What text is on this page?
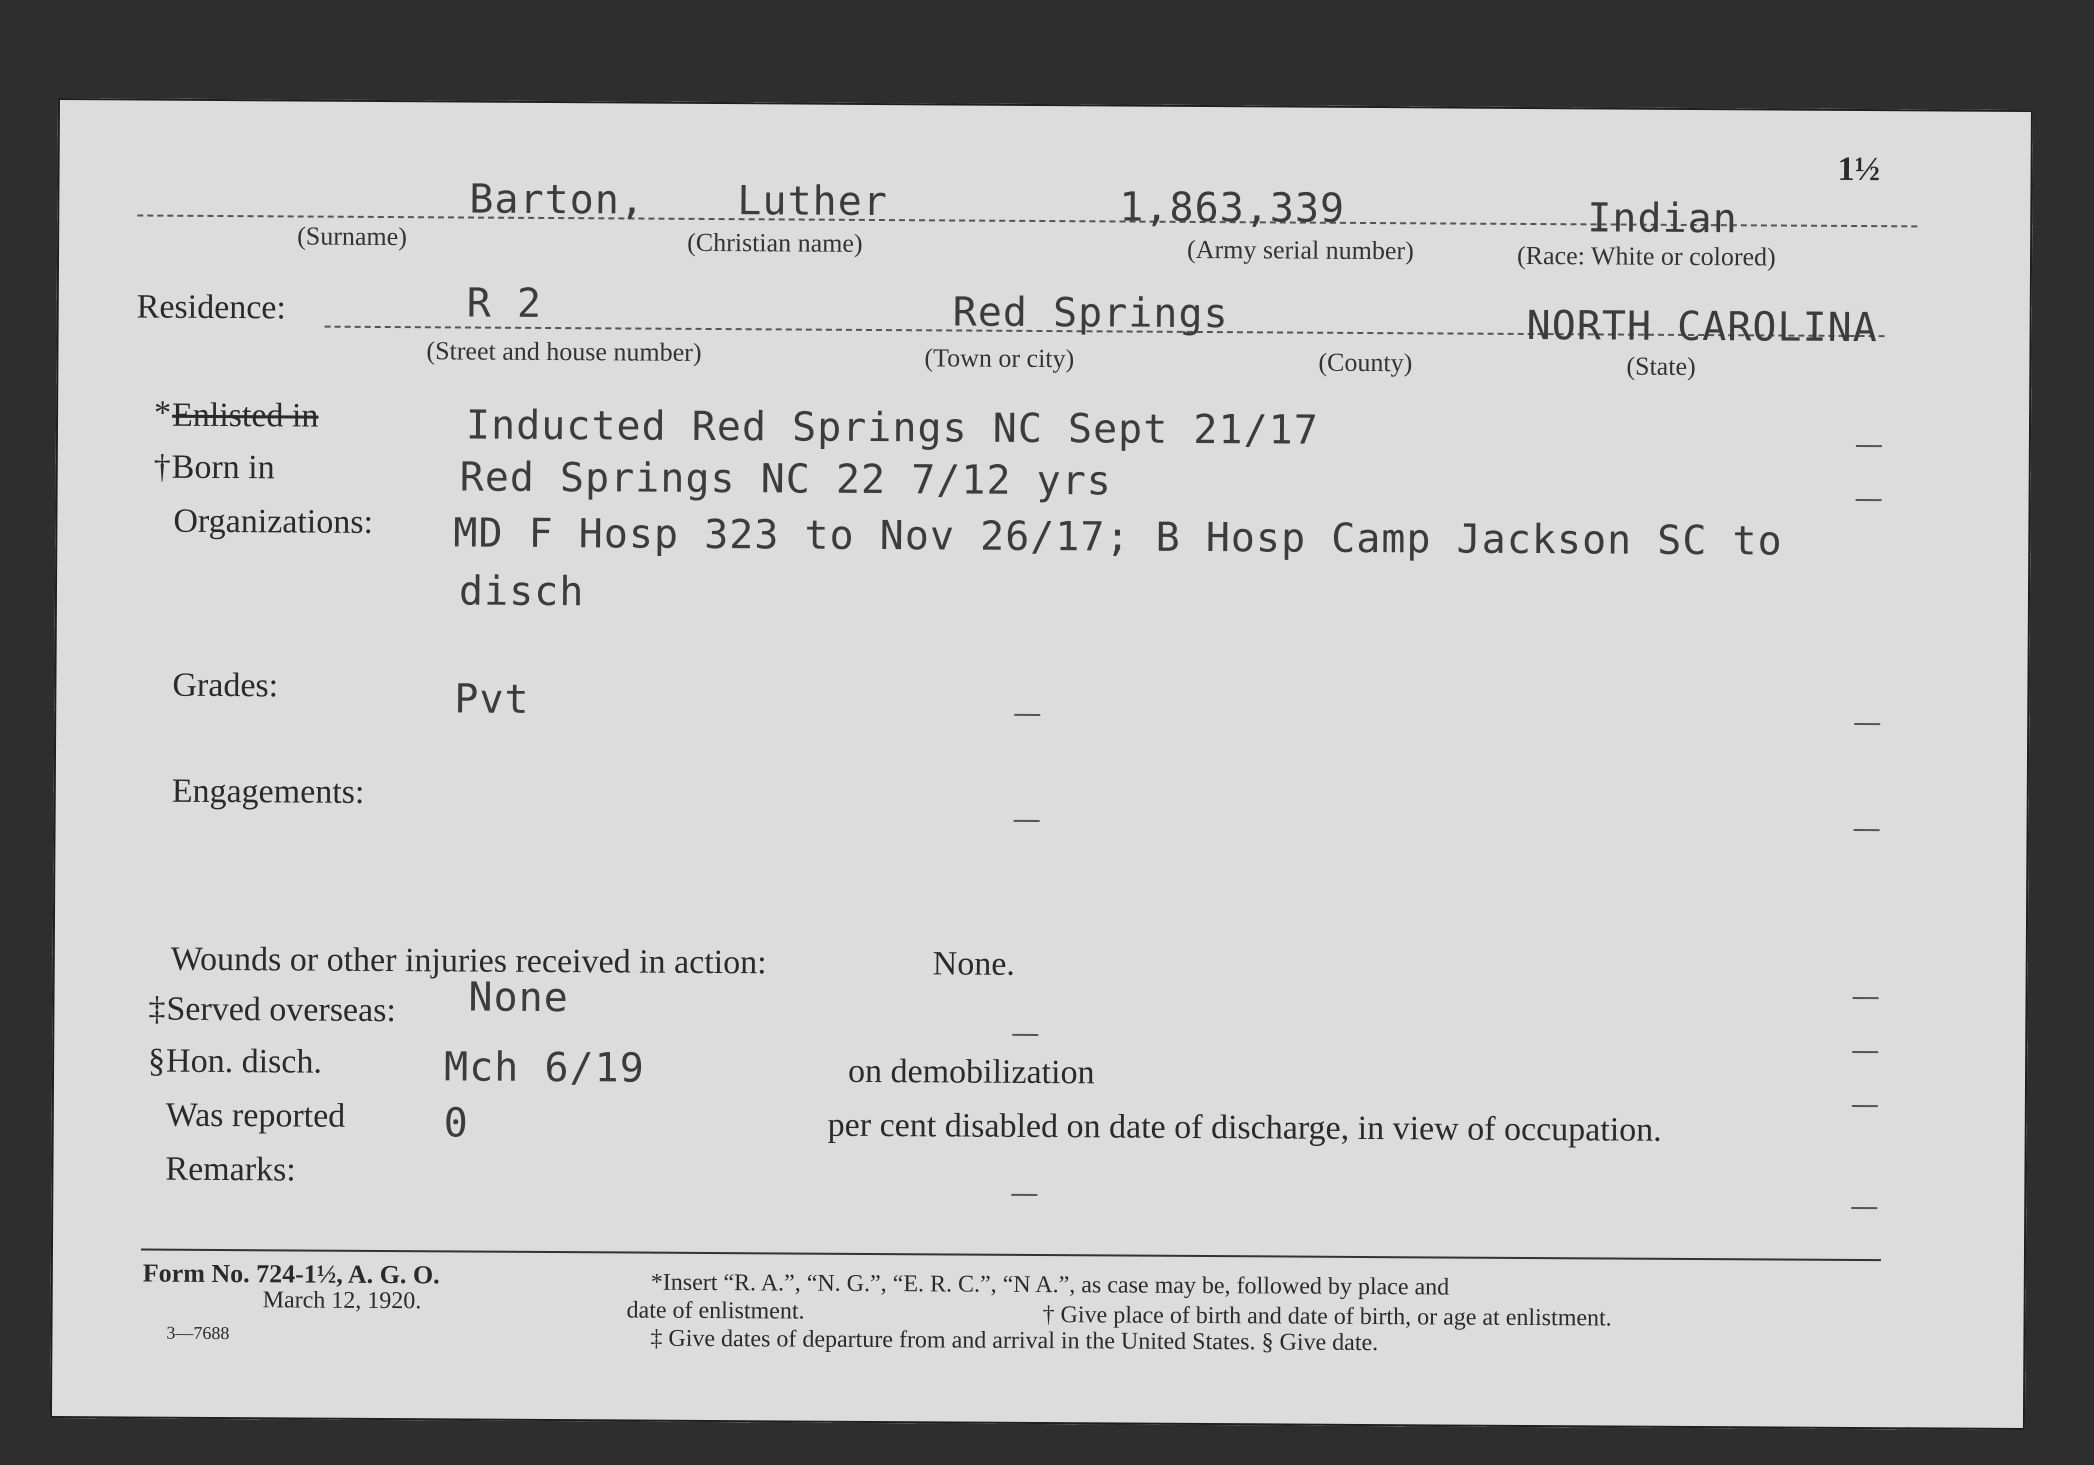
1½
Barton, Luther	1,863,339	Indian
(Surname)	(Christian name)	(Army serial number)	(Race: White or colored)
Residence:	R 2	Red Springs	NORTH CAROLINA
(Street and house number)	(Town or city)	(County)	(State)
* Enlisted in	Inducted Red Springs NC Sept 21/17
† Born in	Red Springs NC 22 7/12 yrs
Organizations: MD F Hosp 323 to Nov 26/17; B Hosp Camp Jackson SC to
disch
Grades:	Pvt
Engagements:
Wounds or other injuries received in action:	None.
‡ Served overseas: None
§ Hon. disch.	Mch 6/19	on demobilization
Was reported 0	per cent disabled on date of discharge, in view of occupation.
Remarks:
Form No. 724-1½, A. G. O.
March 12, 1920.
3—7688
*Insert “R. A.”, “N. G.”, “E. R. C.”, “N A.”, as case may be, followed by place and
date of enlistment.	† Give place of birth and date of birth, or age at enlistment.
‡ Give dates of departure from and arrival in the United States. § Give date.
